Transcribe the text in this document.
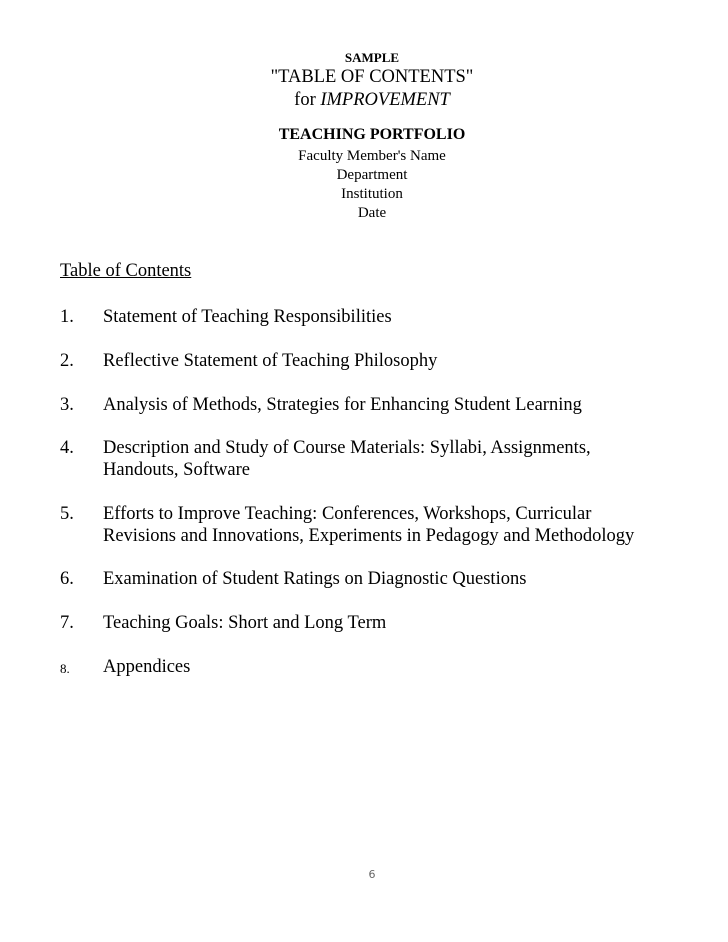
SAMPLE
"TABLE OF CONTENTS"
for IMPROVEMENT
TEACHING PORTFOLIO
Faculty Member's Name
Department
Institution
Date
Table of Contents
1. Statement of Teaching Responsibilities
2. Reflective Statement of Teaching Philosophy
3. Analysis of Methods, Strategies for Enhancing Student Learning
4. Description and Study of Course Materials: Syllabi, Assignments,
Handouts, Software
5. Efforts to Improve Teaching: Conferences, Workshops, Curricular
Revisions and Innovations, Experiments in Pedagogy and Methodology
6. Examination of Student Ratings on Diagnostic Questions
7. Teaching Goals: Short and Long Term
8. Appendices
6
